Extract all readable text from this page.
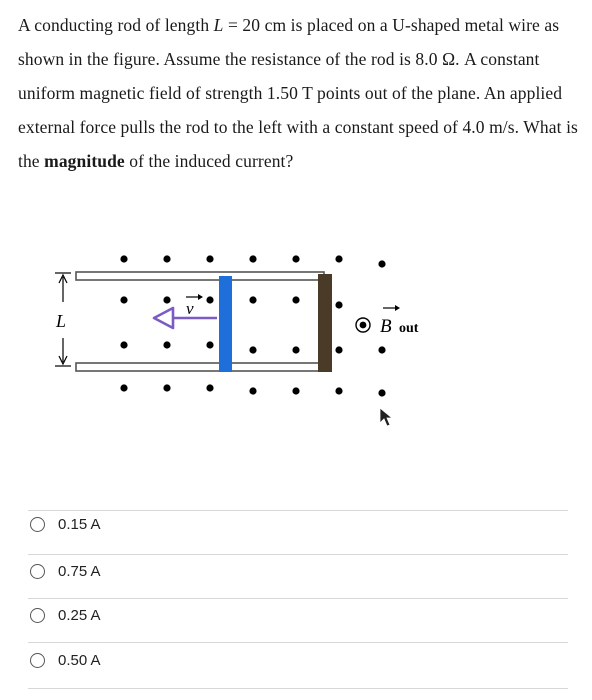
A conducting rod of length L = 20 cm is placed on a U-shaped metal wire as shown in the figure. Assume the resistance of the rod is 8.0 Ω. A constant uniform magnetic field of strength 1.50 T points out of the plane. An applied external force pulls the rod to the left with a constant speed of 4.0 m/s. What is the magnitude of the induced current?
v
L	B out
0.15 A
0.75 A
0.25 A
0.50 A
